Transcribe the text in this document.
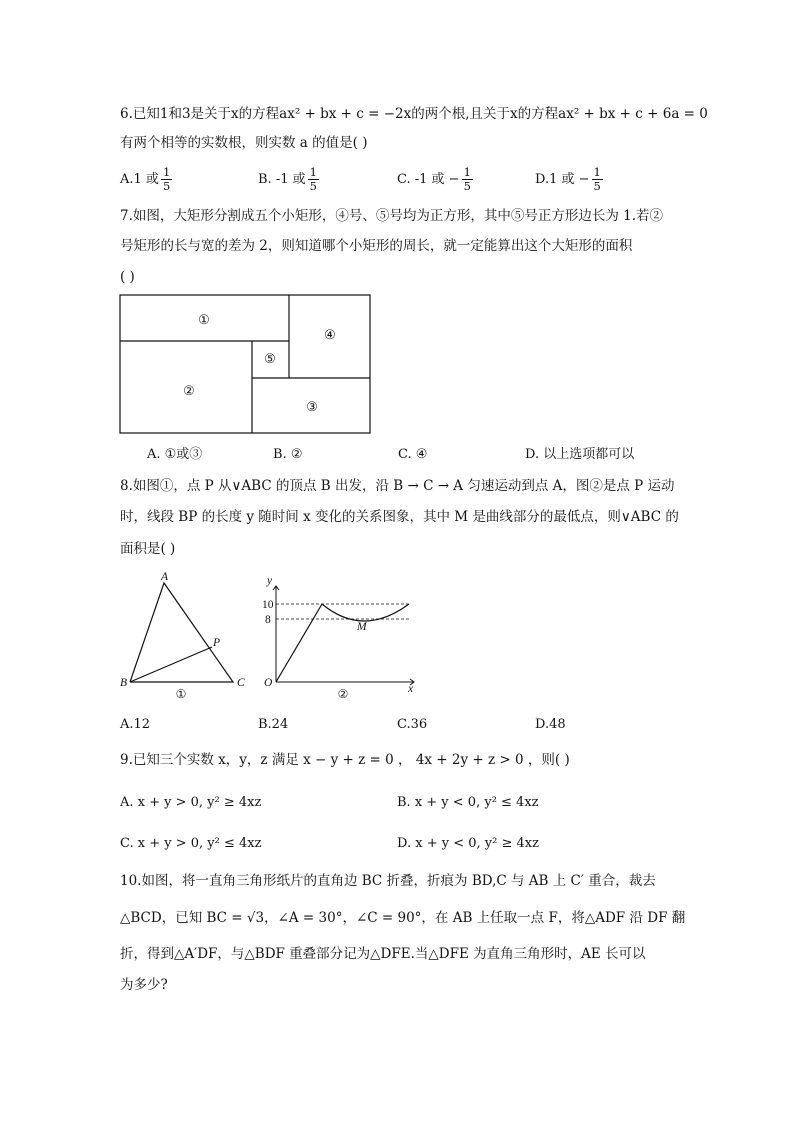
6.已知1和3是关于x的方程ax² + bx + c = −2x的两个根,且关于x的方程ax² + bx + c + 6a = 0
有两个相等的实数根，则实数 a 的值是( )
A.1 或 $\frac{1}{5}$	B. -1 或 $\frac{1}{5}$	C. -1 或 − $\frac{1}{5}$	D.1 或 − $\frac{1}{5}$
7.如图，大矩形分割成五个小矩形，④号、⑤号均为正方形，其中⑤号正方形边长为 1.若②
号矩形的长与宽的差为 2，则知道哪个小矩形的周长，就一定能算出这个大矩形的面积
( )
①
②
③
④
⑤
A. ①或③	B. ②	C. ④	D. 以上选项都可以
8.如图①，点 P 从∨ABC 的顶点 B 出发，沿 B → C → A 匀速运动到点 A，图②是点 P 运动
时，线段 BP 的长度 y 随时间 x 变化的关系图象，其中 M 是曲线部分的最低点，则∨ABC 的
面积是( )
A
B	C
P
①
y
x
O
10
8
M
②
A.12	B.24	C.36	D.48
9.已知三个实数 x，y，z 满足 x − y + z = 0 ， 4x + 2y + z > 0 ，则( )
A. x + y > 0, y² ≥ 4xz	B. x + y < 0, y² ≤ 4xz
C. x + y > 0, y² ≤ 4xz	D. x + y < 0, y² ≥ 4xz
10.如图，将一直角三角形纸片的直角边 BC 折叠，折痕为 BD,C 与 AB 上 C′ 重合，裁去
△BCD，已知 BC = √3，∠A = 30°，∠C = 90°，在 AB 上任取一点 F，将△ADF 沿 DF 翻
折，得到△A′DF，与△BDF 重叠部分记为△DFE.当△DFE 为直角三角形时，AE 长可以
为多少?
